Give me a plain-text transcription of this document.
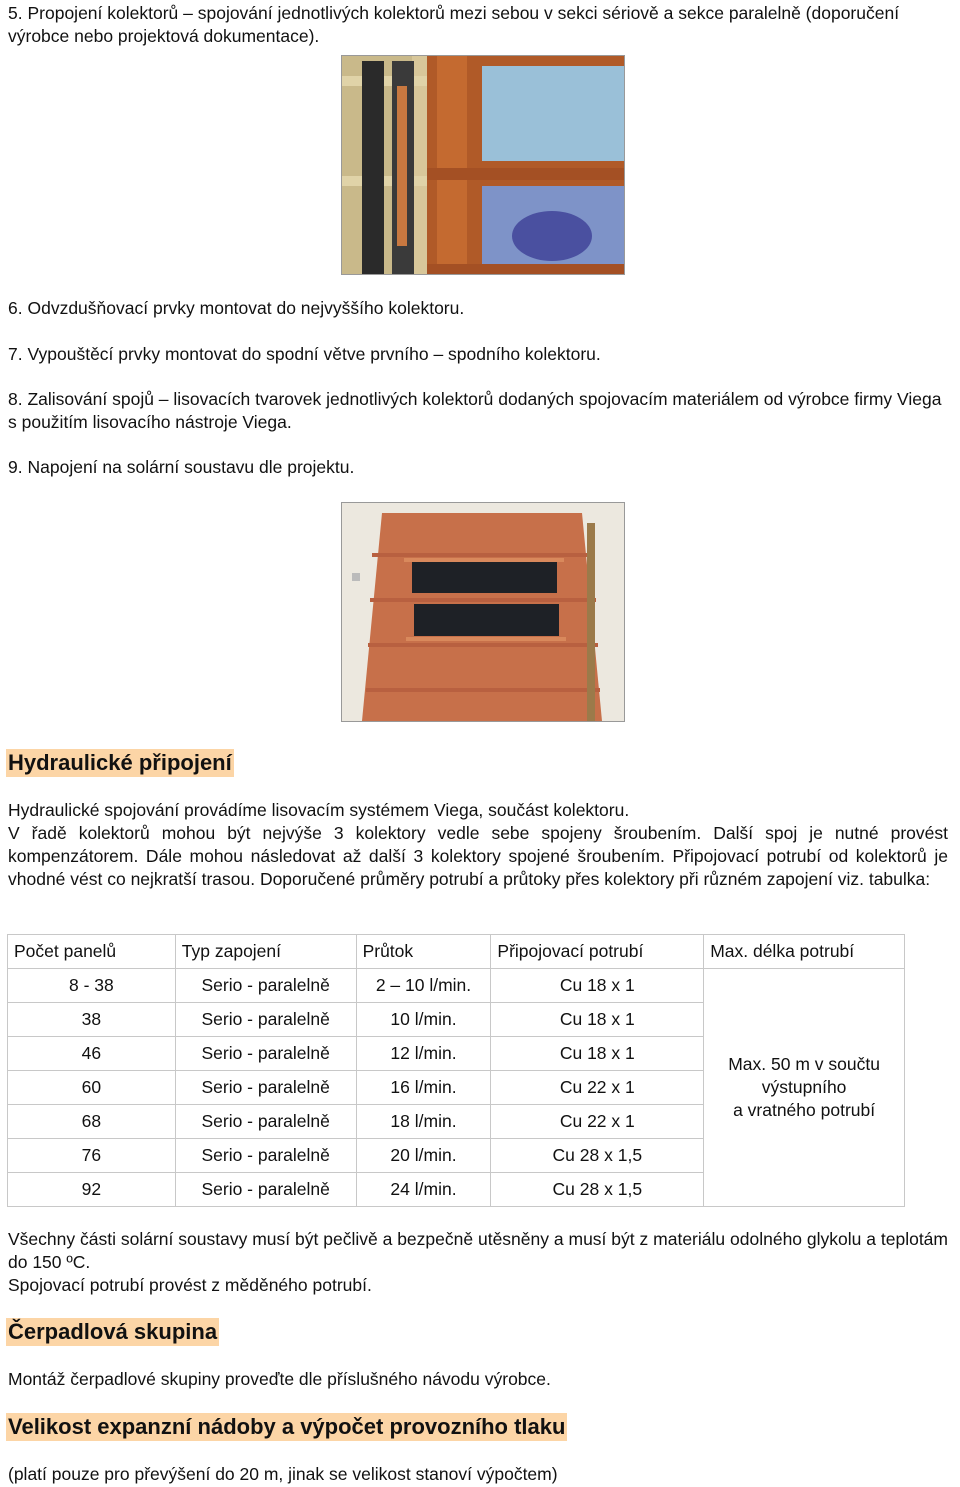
5. Propojení kolektorů – spojování jednotlivých kolektorů mezi sebou v sekci sériově a sekce paralelně (doporučení výrobce nebo projektová dokumentace).
6. Odvzdušňovací prvky montovat do nejvyššího kolektoru.
7. Vypouštěcí prvky montovat do spodní větve prvního – spodního kolektoru.
8. Zalisování spojů – lisovacích tvarovek jednotlivých kolektorů dodaných spojovacím materiálem od výrobce firmy Viega s použitím lisovacího nástroje Viega.
9. Napojení na solární soustavu dle projektu.
Hydraulické připojení
Hydraulické spojování provádíme lisovacím systémem Viega, součást kolektoru.
V řadě kolektorů mohou být nejvýše 3 kolektory vedle sebe spojeny šroubením. Další spoj je nutné provést kompenzátorem. Dále mohou následovat až další 3 kolektory spojené šroubením. Připojovací potrubí od kolektorů je vhodné vést co nejkratší trasou. Doporučené průměry potrubí a průtoky přes kolektory při různém zapojení viz. tabulka:
Počet panelů	Typ zapojení	Průtok	Připojovací potrubí	Max. délka potrubí
8 - 38	Serio - paralelně	2 – 10 l/min.	Cu 18 x 1	Max. 50 m v součtu
výstupního
a vratného potrubí

38	Serio - paralelně	10 l/min.	Cu 18 x 1	
46	Serio - paralelně	12 l/min.	Cu 18 x 1	
60	Serio - paralelně	16 l/min.	Cu 22 x 1	
68	Serio - paralelně	18 l/min.	Cu 22 x 1	
76	Serio - paralelně	20 l/min.	Cu 28 x 1,5	
92	Serio - paralelně	24 l/min.	Cu 28 x 1,5	
Všechny části solární soustavy musí být pečlivě a bezpečně utěsněny a musí být z materiálu odolného glykolu a teplotám do 150 ºC.
Spojovací potrubí provést z měděného potrubí.
Čerpadlová skupina
Montáž čerpadlové skupiny proveďte dle příslušného návodu výrobce.
Velikost expanzní nádoby a výpočet provozního tlaku
(platí pouze pro převýšení do 20 m, jinak se velikost stanoví výpočtem)
